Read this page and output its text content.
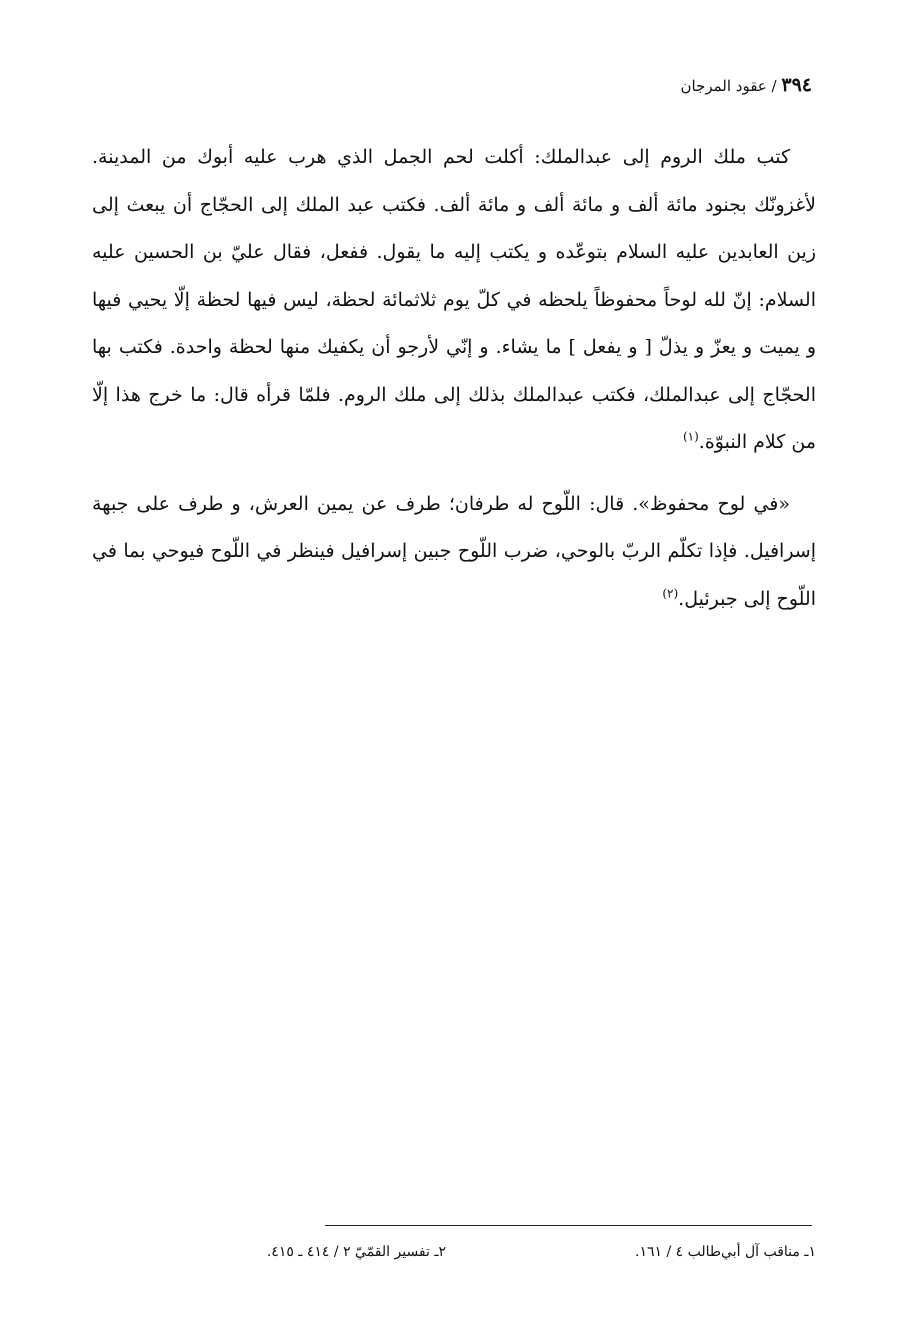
٣٩٤ / عقود المرجان

كتب ملك الروم إلى عبدالملك: أكلت لحم الجمل الذي هرب عليه أبوك من المدينة. لأغزونّك بجنود مائة ألف و مائة ألف و مائة ألف. فكتب عبد الملك إلى الحجّاج أن يبعث إلى زين العابدين عليه السلام بتوعّده و يكتب إليه ما يقول. ففعل، فقال عليّ بن الحسين عليه السلام: إنّ لله لوحاً محفوظاً يلحظه في كلّ يوم ثلاثمائة لحظة، ليس فيها لحظة إلّا يحيي فيها و يميت و يعزّ و يذلّ [ و يفعل ] ما يشاء. و إنّي لأرجو أن يكفيك منها لحظة واحدة. فكتب بها الحجّاج إلى عبدالملك، فكتب عبدالملك بذلك إلى ملك الروم. فلمّا قرأه قال: ما خرج هذا إلّا من كلام النبوّة.$^{(١)}$

«في لوح محفوظ». قال: اللّوح له طرفان؛ طرف عن يمين العرش، و طرف على جبهة إسرافيل. فإذا تكلّم الربّ بالوحي، ضرب اللّوح جبين إسرافيل فينظر في اللّوح فيوحي بما في اللّوح إلى جبرئيل.$^{(٢)}$

١ـ مناقب آل أبي‌طالب ٤ / ١٦١.
٢ـ تفسير القمّيّ ٢ / ٤١٤ ـ ٤١٥.
